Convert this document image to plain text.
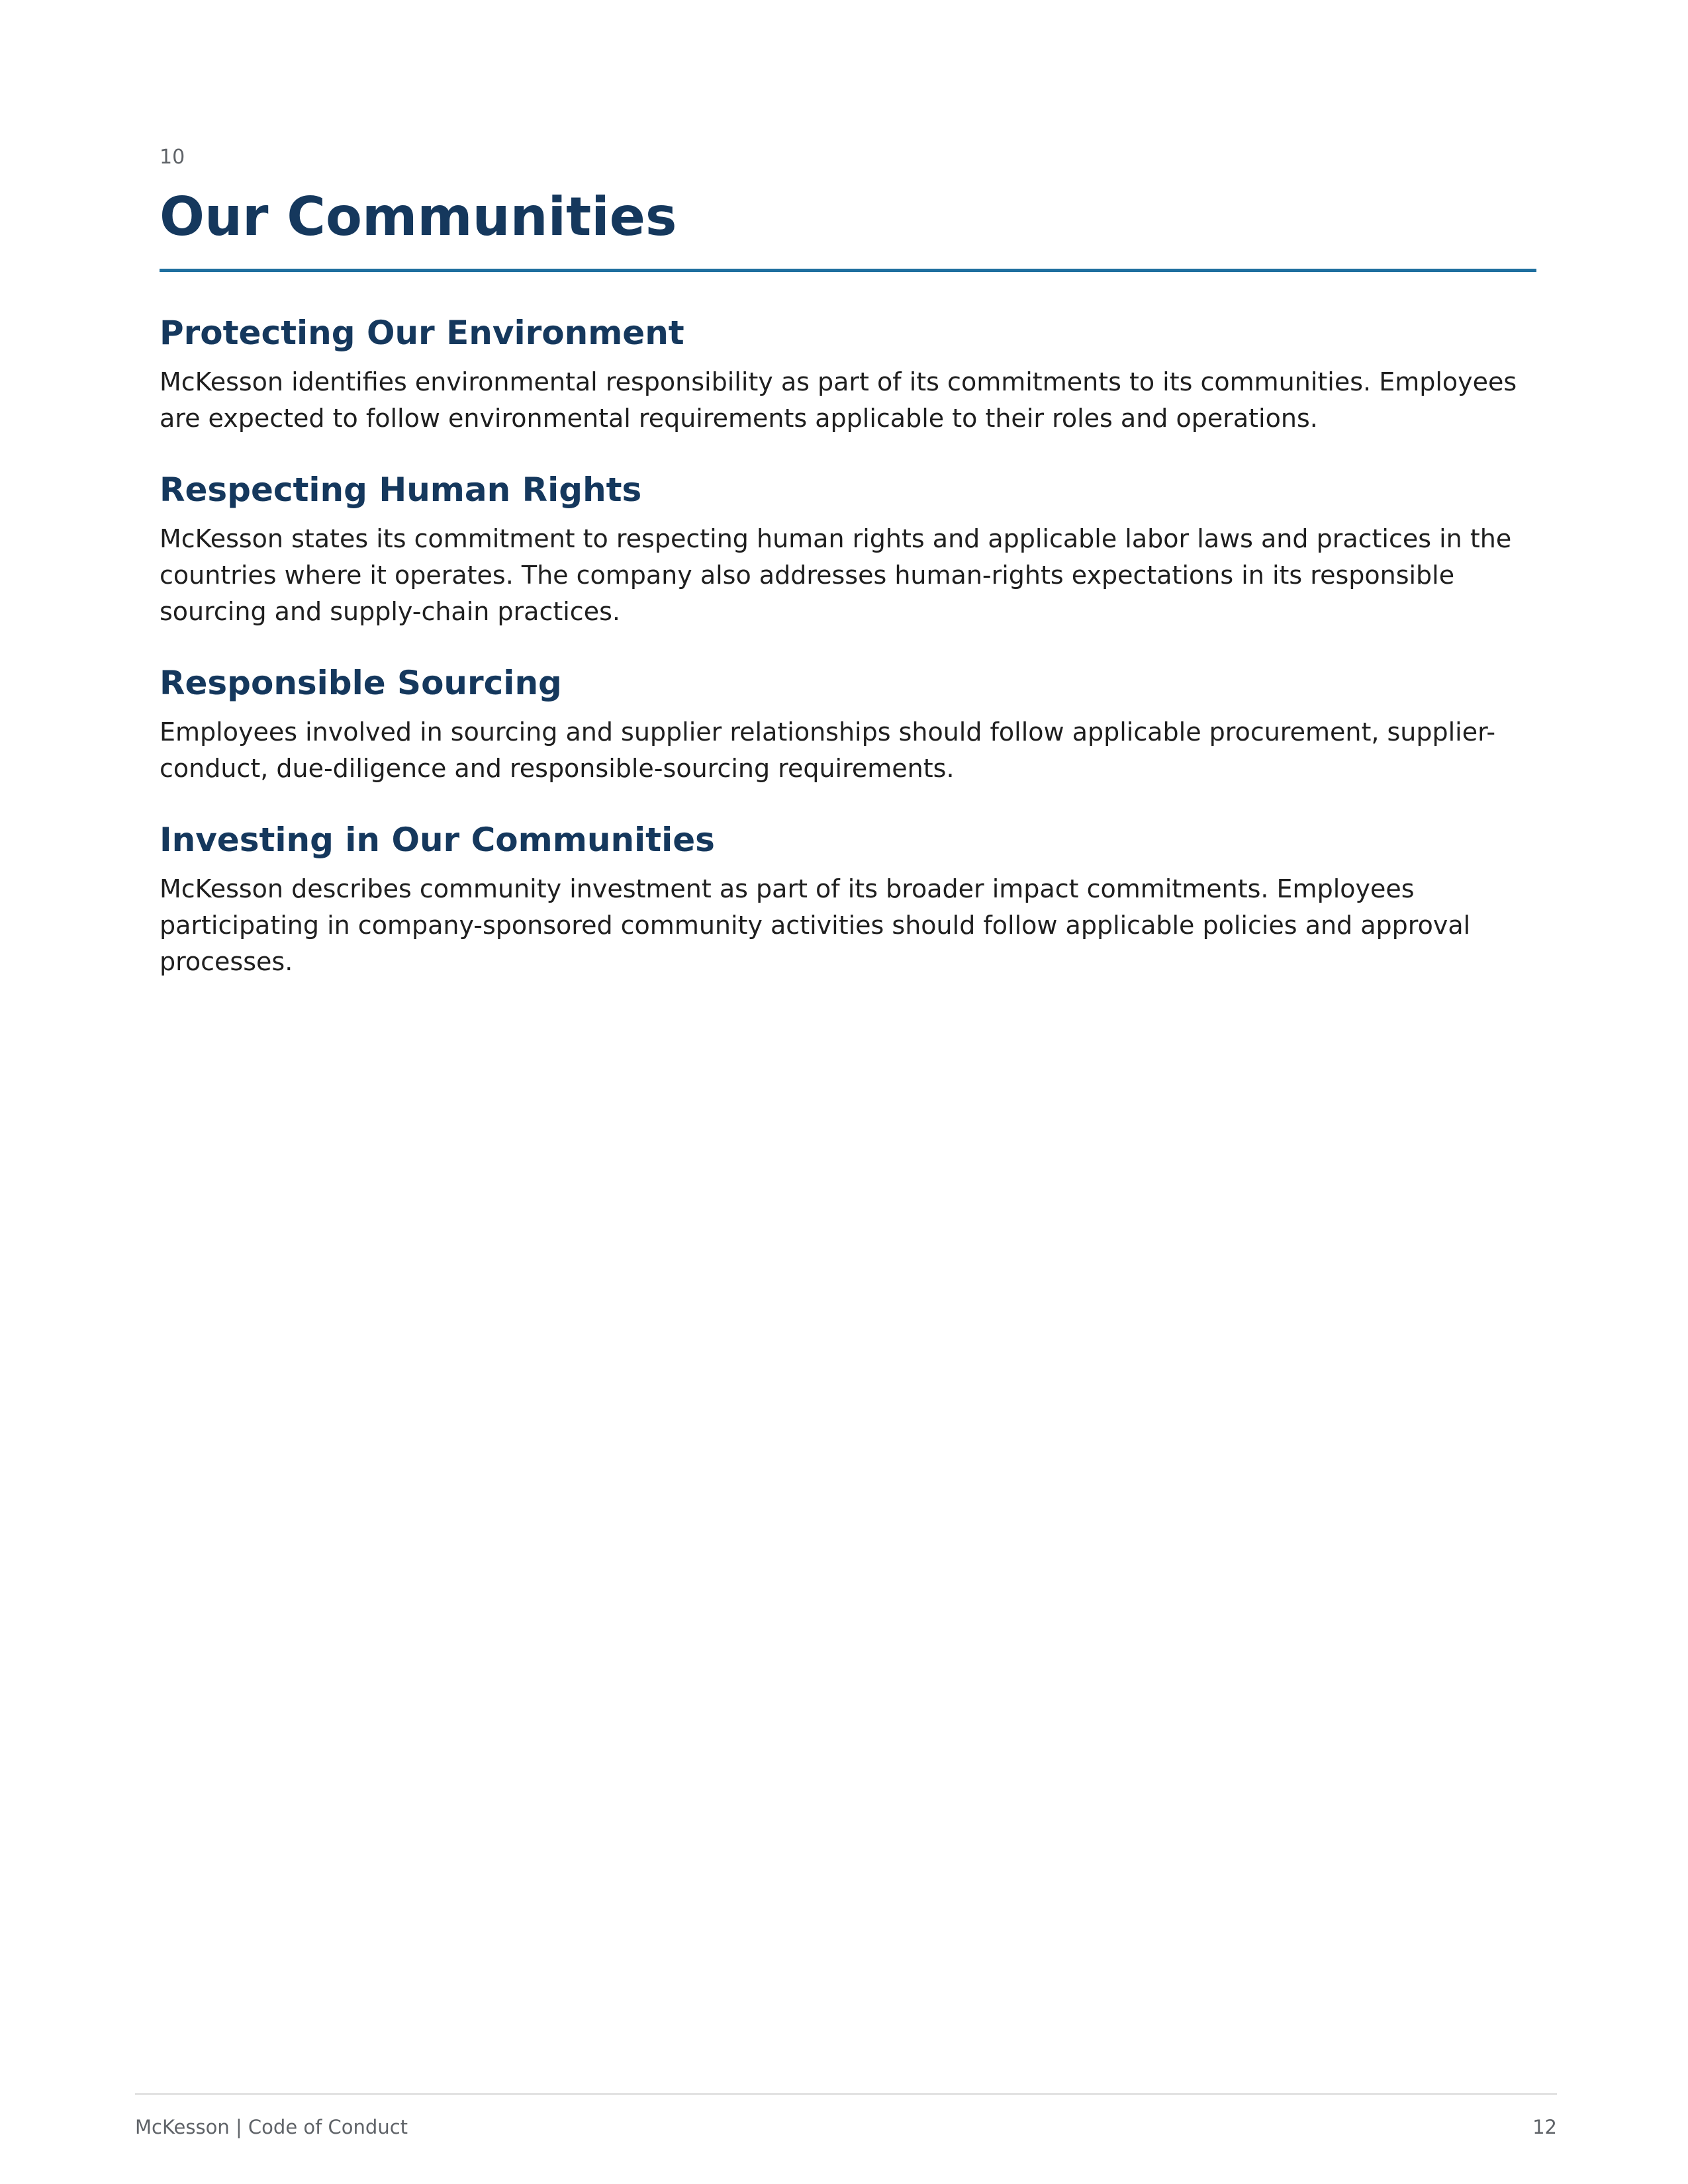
10
Our Communities
Protecting Our Environment

McKesson identifies environmental responsibility as part of its commitments to its communities. Employees are expected to follow environmental requirements applicable to their roles and operations.

Respecting Human Rights

McKesson states its commitment to respecting human rights and applicable labor laws and practices in the countries where it operates. The company also addresses human-rights expectations in its responsible sourcing and supply-chain practices.

Responsible Sourcing

Employees involved in sourcing and supplier relationships should follow applicable procurement, supplier-conduct, due-diligence and responsible-sourcing requirements.

Investing in Our Communities

McKesson describes community investment as part of its broader impact commitments. Employees participating in company-sponsored community activities should follow applicable policies and approval processes.

McKesson | Code of Conduct	12
